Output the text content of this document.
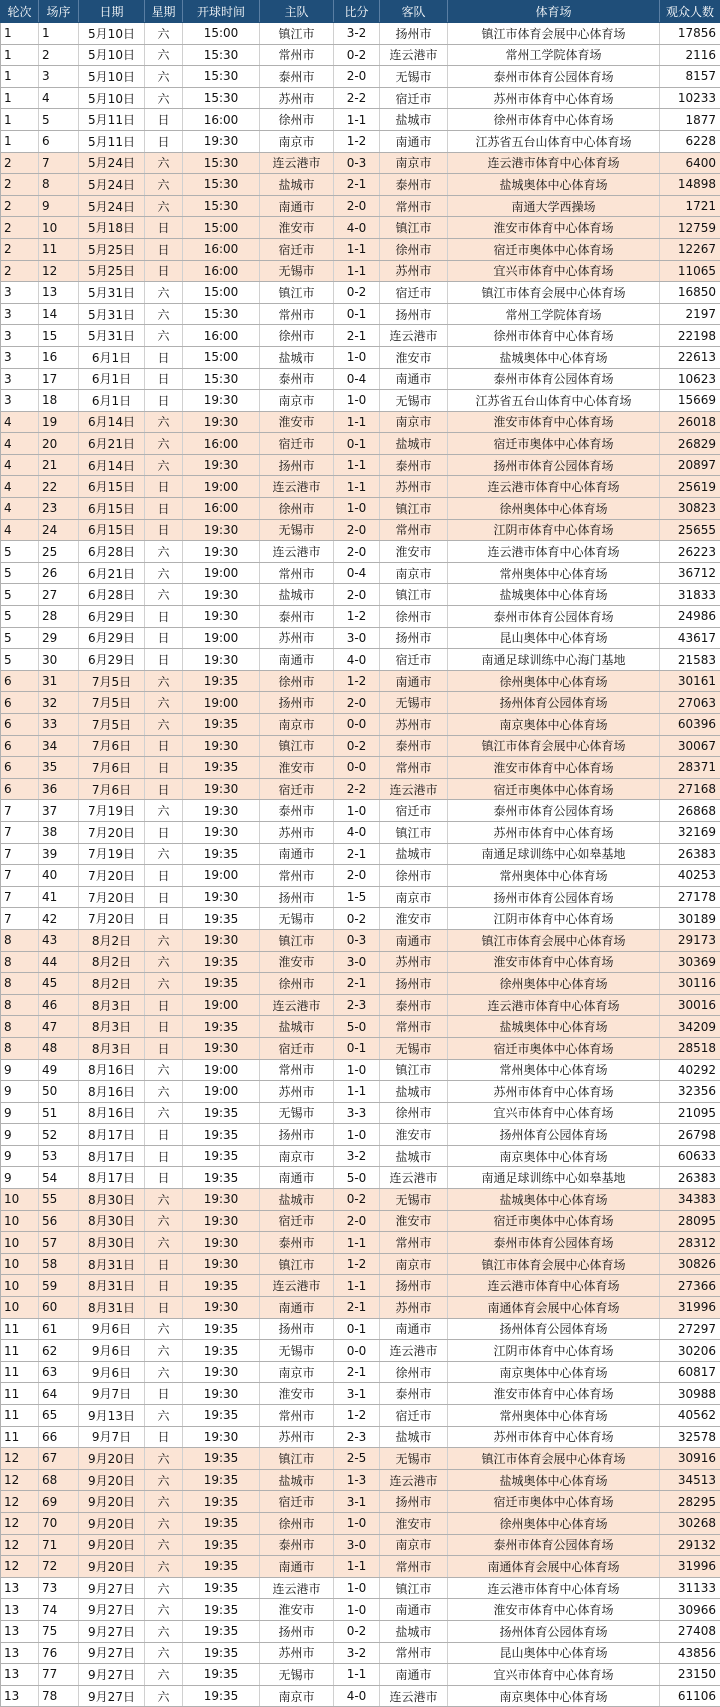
轮次	场序	日期	星期	开球时间	主队	比分	客队	体育场	观众人数
1	1	5月10日	六	15:00	镇江市	3-2	扬州市	镇江市体育会展中心体育场	17856
1	2	5月10日	六	15:30	常州市	0-2	连云港市	常州工学院体育场	2116
1	3	5月10日	六	15:30	泰州市	2-0	无锡市	泰州市体育公园体育场	8157
1	4	5月10日	六	15:30	苏州市	2-2	宿迁市	苏州市体育中心体育场	10233
1	5	5月11日	日	16:00	徐州市	1-1	盐城市	徐州市体育中心体育场	1877
1	6	5月11日	日	19:30	南京市	1-2	南通市	江苏省五台山体育中心体育场	6228
2	7	5月24日	六	15:30	连云港市	0-3	南京市	连云港市体育中心体育场	6400
2	8	5月24日	六	15:30	盐城市	2-1	泰州市	盐城奥体中心体育场	14898
2	9	5月24日	六	15:30	南通市	2-0	常州市	南通大学西操场	1721
2	10	5月18日	日	15:00	淮安市	4-0	镇江市	淮安市体育中心体育场	12759
2	11	5月25日	日	16:00	宿迁市	1-1	徐州市	宿迁市奥体中心体育场	12267
2	12	5月25日	日	16:00	无锡市	1-1	苏州市	宜兴市体育中心体育场	11065
3	13	5月31日	六	15:00	镇江市	0-2	宿迁市	镇江市体育会展中心体育场	16850
3	14	5月31日	六	15:30	常州市	0-1	扬州市	常州工学院体育场	2197
3	15	5月31日	六	16:00	徐州市	2-1	连云港市	徐州市体育中心体育场	22198
3	16	6月1日	日	15:00	盐城市	1-0	淮安市	盐城奥体中心体育场	22613
3	17	6月1日	日	15:30	泰州市	0-4	南通市	泰州市体育公园体育场	10623
3	18	6月1日	日	19:30	南京市	1-0	无锡市	江苏省五台山体育中心体育场	15669
4	19	6月14日	六	19:30	淮安市	1-1	南京市	淮安市体育中心体育场	26018
4	20	6月21日	六	16:00	宿迁市	0-1	盐城市	宿迁市奥体中心体育场	26829
4	21	6月14日	六	19:30	扬州市	1-1	泰州市	扬州市体育公园体育场	20897
4	22	6月15日	日	19:00	连云港市	1-1	苏州市	连云港市体育中心体育场	25619
4	23	6月15日	日	16:00	徐州市	1-0	镇江市	徐州奥体中心体育场	30823
4	24	6月15日	日	19:30	无锡市	2-0	常州市	江阴市体育中心体育场	25655
5	25	6月28日	六	19:30	连云港市	2-0	淮安市	连云港市体育中心体育场	26223
5	26	6月21日	六	19:00	常州市	0-4	南京市	常州奥体中心体育场	36712
5	27	6月28日	六	19:30	盐城市	2-0	镇江市	盐城奥体中心体育场	31833
5	28	6月29日	日	19:30	泰州市	1-2	徐州市	泰州市体育公园体育场	24986
5	29	6月29日	日	19:00	苏州市	3-0	扬州市	昆山奥体中心体育场	43617
5	30	6月29日	日	19:30	南通市	4-0	宿迁市	南通足球训练中心海门基地	21583
6	31	7月5日	六	19:35	徐州市	1-2	南通市	徐州奥体中心体育场	30161
6	32	7月5日	六	19:00	扬州市	2-0	无锡市	扬州体育公园体育场	27063
6	33	7月5日	六	19:35	南京市	0-0	苏州市	南京奥体中心体育场	60396
6	34	7月6日	日	19:30	镇江市	0-2	泰州市	镇江市体育会展中心体育场	30067
6	35	7月6日	日	19:35	淮安市	0-0	常州市	淮安市体育中心体育场	28371
6	36	7月6日	日	19:30	宿迁市	2-2	连云港市	宿迁市奥体中心体育场	27168
7	37	7月19日	六	19:30	泰州市	1-0	宿迁市	泰州市体育公园体育场	26868
7	38	7月20日	日	19:30	苏州市	4-0	镇江市	苏州市体育中心体育场	32169
7	39	7月19日	六	19:35	南通市	2-1	盐城市	南通足球训练中心如皋基地	26383
7	40	7月20日	日	19:00	常州市	2-0	徐州市	常州奥体中心体育场	40253
7	41	7月20日	日	19:30	扬州市	1-5	南京市	扬州市体育公园体育场	27178
7	42	7月20日	日	19:35	无锡市	0-2	淮安市	江阴市体育中心体育场	30189
8	43	8月2日	六	19:30	镇江市	0-3	南通市	镇江市体育会展中心体育场	29173
8	44	8月2日	六	19:35	淮安市	3-0	苏州市	淮安市体育中心体育场	30369
8	45	8月2日	六	19:35	徐州市	2-1	扬州市	徐州奥体中心体育场	30116
8	46	8月3日	日	19:00	连云港市	2-3	泰州市	连云港市体育中心体育场	30016
8	47	8月3日	日	19:35	盐城市	5-0	常州市	盐城奥体中心体育场	34209
8	48	8月3日	日	19:30	宿迁市	0-1	无锡市	宿迁市奥体中心体育场	28518
9	49	8月16日	六	19:00	常州市	1-0	镇江市	常州奥体中心体育场	40292
9	50	8月16日	六	19:00	苏州市	1-1	盐城市	苏州市体育中心体育场	32356
9	51	8月16日	六	19:35	无锡市	3-3	徐州市	宜兴市体育中心体育场	21095
9	52	8月17日	日	19:35	扬州市	1-0	淮安市	扬州体育公园体育场	26798
9	53	8月17日	日	19:35	南京市	3-2	盐城市	南京奥体中心体育场	60633
9	54	8月17日	日	19:35	南通市	5-0	连云港市	南通足球训练中心如皋基地	26383
10	55	8月30日	六	19:30	盐城市	0-2	无锡市	盐城奥体中心体育场	34383
10	56	8月30日	六	19:30	宿迁市	2-0	淮安市	宿迁市奥体中心体育场	28095
10	57	8月30日	六	19:30	泰州市	1-1	常州市	泰州市体育公园体育场	28312
10	58	8月31日	日	19:30	镇江市	1-2	南京市	镇江市体育会展中心体育场	30826
10	59	8月31日	日	19:35	连云港市	1-1	扬州市	连云港市体育中心体育场	27366
10	60	8月31日	日	19:30	南通市	2-1	苏州市	南通体育会展中心体育场	31996
11	61	9月6日	六	19:35	扬州市	0-1	南通市	扬州体育公园体育场	27297
11	62	9月6日	六	19:35	无锡市	0-0	连云港市	江阴市体育中心体育场	30206
11	63	9月6日	六	19:30	南京市	2-1	徐州市	南京奥体中心体育场	60817
11	64	9月7日	日	19:30	淮安市	3-1	泰州市	淮安市体育中心体育场	30988
11	65	9月13日	六	19:35	常州市	1-2	宿迁市	常州奥体中心体育场	40562
11	66	9月7日	日	19:30	苏州市	2-3	盐城市	苏州市体育中心体育场	32578
12	67	9月20日	六	19:35	镇江市	2-5	无锡市	镇江市体育会展中心体育场	30916
12	68	9月20日	六	19:35	盐城市	1-3	连云港市	盐城奥体中心体育场	34513
12	69	9月20日	六	19:35	宿迁市	3-1	扬州市	宿迁市奥体中心体育场	28295
12	70	9月20日	六	19:35	徐州市	1-0	淮安市	徐州奥体中心体育场	30268
12	71	9月20日	六	19:35	泰州市	3-0	南京市	泰州市体育公园体育场	29132
12	72	9月20日	六	19:35	南通市	1-1	常州市	南通体育会展中心体育场	31996
13	73	9月27日	六	19:35	连云港市	1-0	镇江市	连云港市体育中心体育场	31133
13	74	9月27日	六	19:35	淮安市	1-0	南通市	淮安市体育中心体育场	30966
13	75	9月27日	六	19:35	扬州市	0-2	盐城市	扬州体育公园体育场	27408
13	76	9月27日	六	19:35	苏州市	3-2	常州市	昆山奥体中心体育场	43856
13	77	9月27日	六	19:35	无锡市	1-1	南通市	宜兴市体育中心体育场	23150
13	78	9月27日	六	19:35	南京市	4-0	连云港市	南京奥体中心体育场	61106
